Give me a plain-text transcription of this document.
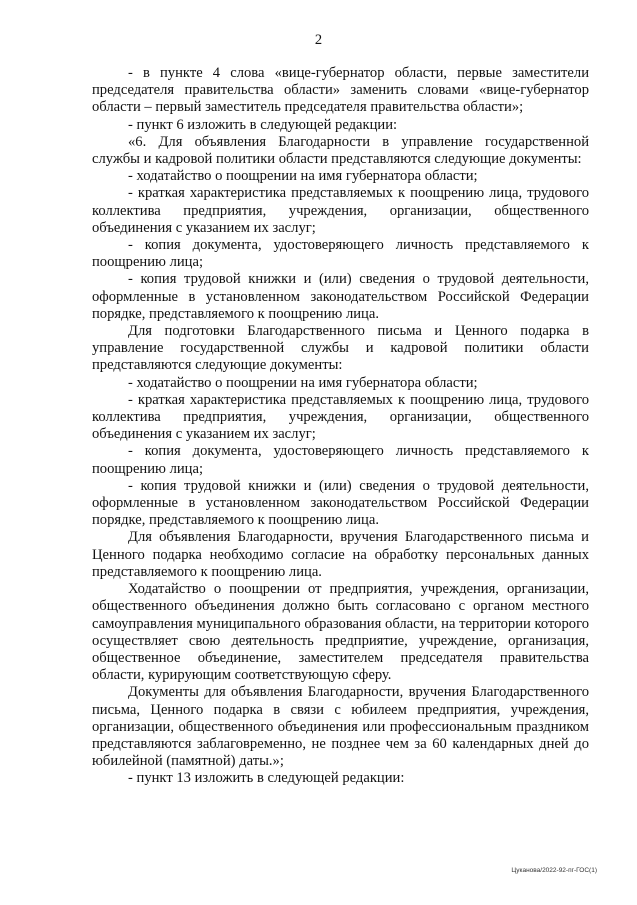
2

- в пункте 4 слова «вице-губернатор области, первые заместители председателя правительства области» заменить словами «вице-губернатор области – первый заместитель председателя правительства области»;

- пункт 6 изложить в следующей редакции:

«6. Для объявления Благодарности в управление государственной службы и кадровой политики области представляются следующие документы:

- ходатайство о поощрении на имя губернатора области;

- краткая характеристика представляемых к поощрению лица, трудового коллектива предприятия, учреждения, организации, общественного объединения с указанием их заслуг;

- копия документа, удостоверяющего личность представляемого к поощрению лица;

- копия трудовой книжки и (или) сведения о трудовой деятельности, оформленные в установленном законодательством Российской Федерации порядке, представляемого к поощрению лица.

Для подготовки Благодарственного письма и Ценного подарка в управление государственной службы и кадровой политики области представляются следующие документы:

- ходатайство о поощрении на имя губернатора области;

- краткая характеристика представляемых к поощрению лица, трудового коллектива предприятия, учреждения, организации, общественного объединения с указанием их заслуг;

- копия документа, удостоверяющего личность представляемого к поощрению лица;

- копия трудовой книжки и (или) сведения о трудовой деятельности, оформленные в установленном законодательством Российской Федерации порядке, представляемого к поощрению лица.

Для объявления Благодарности, вручения Благодарственного письма и Ценного подарка необходимо согласие на обработку персональных данных представляемого к поощрению лица.

Ходатайство о поощрении от предприятия, учреждения, организации, общественного объединения должно быть согласовано с органом местного самоуправления муниципального образования области, на территории которого осуществляет свою деятельность предприятие, учреждение, организация, общественное объединение, заместителем председателя правительства области, курирующим соответствующую сферу.

Документы для объявления Благодарности, вручения Благодарственного письма, Ценного подарка в связи с юбилеем предприятия, учреждения, организации, общественного объединения или профессиональным праздником представляются заблаговременно, не позднее чем за 60 календарных дней до юбилейной (памятной) даты.»;

- пункт 13 изложить в следующей редакции:

Цуканова/2022-92-пг-ГОС(1)
